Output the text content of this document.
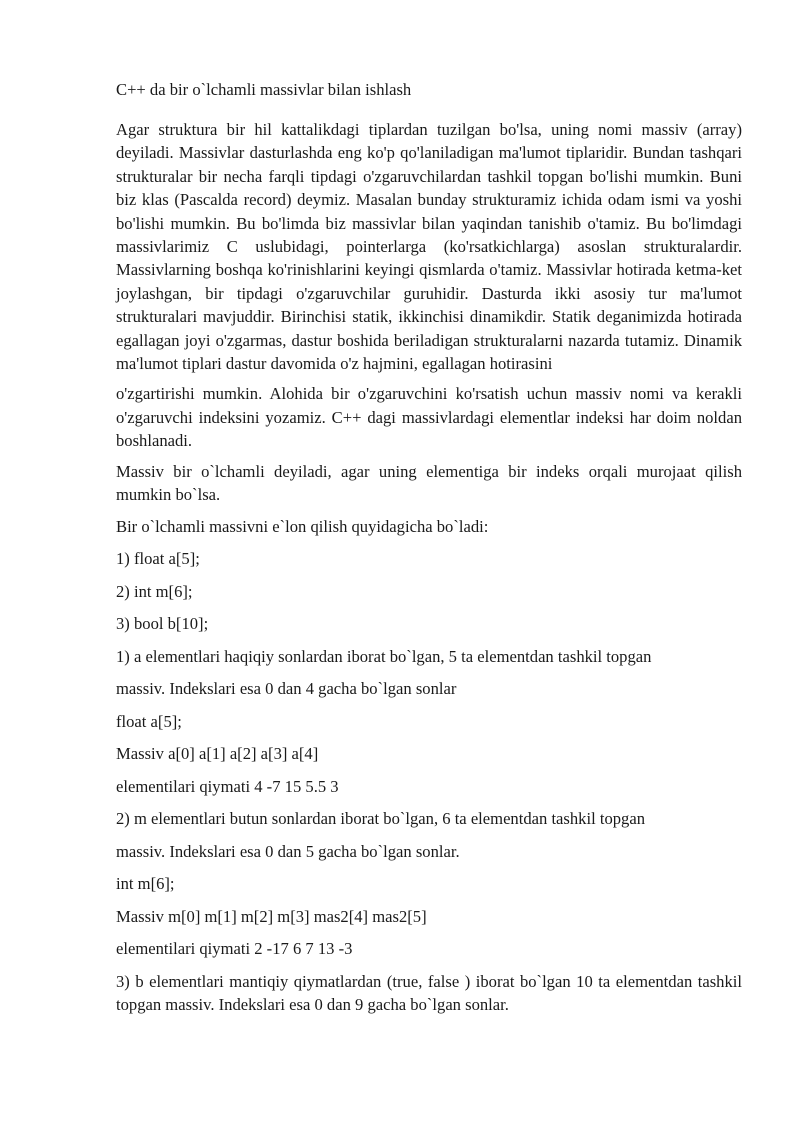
C++ da bir o`lchamli massivlar bilan ishlash

Agar struktura bir hil kattalikdagi tiplardan tuzilgan bo'lsa, uning nomi massiv (array) deyiladi. Massivlar dasturlashda eng ko'p qo'laniladigan ma'lumot tiplaridir. Bundan tashqari strukturalar bir necha farqli tipdagi o'zgaruvchilardan tashkil topgan bo'lishi mumkin. Buni biz klas (Pascalda record) deymiz. Masalan bunday strukturamiz ichida odam ismi va yoshi bo'lishi mumkin. Bu bo'limda biz massivlar bilan yaqindan tanishib o'tamiz. Bu bo'limdagi massivlarimiz C uslubidagi, pointerlarga (ko'rsatkichlarga) asoslan strukturalardir. Massivlarning boshqa ko'rinishlarini keyingi qismlarda o'tamiz. Massivlar hotirada ketma-ket joylashgan, bir tipdagi o'zgaruvchilar guruhidir. Dasturda ikki asosiy tur ma'lumot strukturalari mavjuddir. Birinchisi statik, ikkinchisi dinamikdir. Statik deganimizda hotirada egallagan joyi o'zgarmas, dastur boshida beriladigan strukturalarni nazarda tutamiz. Dinamik ma'lumot tiplari dastur davomida o'z hajmini, egallagan hotirasini

o'zgartirishi mumkin. Alohida bir o'zgaruvchini ko'rsatish uchun massiv nomi va kerakli o'zgaruvchi indeksini yozamiz. C++ dagi massivlardagi elementlar indeksi har doim noldan boshlanadi.

Massiv bir o`lchamli deyiladi, agar uning elementiga bir indeks orqali murojaat qilish mumkin bo`lsa.

Bir o`lchamli massivni e`lon qilish quyidagicha bo`ladi:

1) float a[5];

2) int m[6];

3) bool b[10];

1) a elementlari haqiqiy sonlardan iborat bo`lgan, 5 ta elementdan tashkil topgan

massiv. Indekslari esa 0 dan 4 gacha bo`lgan sonlar

float a[5];

Massiv a[0] a[1] a[2] a[3] a[4]

elementilari qiymati 4 -7 15 5.5 3

2) m elementlari butun sonlardan iborat bo`lgan, 6 ta elementdan tashkil topgan

massiv. Indekslari esa 0 dan 5 gacha bo`lgan sonlar.

int m[6];

Massiv m[0] m[1] m[2] m[3] mas2[4] mas2[5]

elementilari qiymati 2 -17 6 7 13 -3

3) b elementlari mantiqiy qiymatlardan (true, false ) iborat bo`lgan 10 ta elementdan tashkil topgan massiv. Indekslari esa 0 dan 9 gacha bo`lgan sonlar.
